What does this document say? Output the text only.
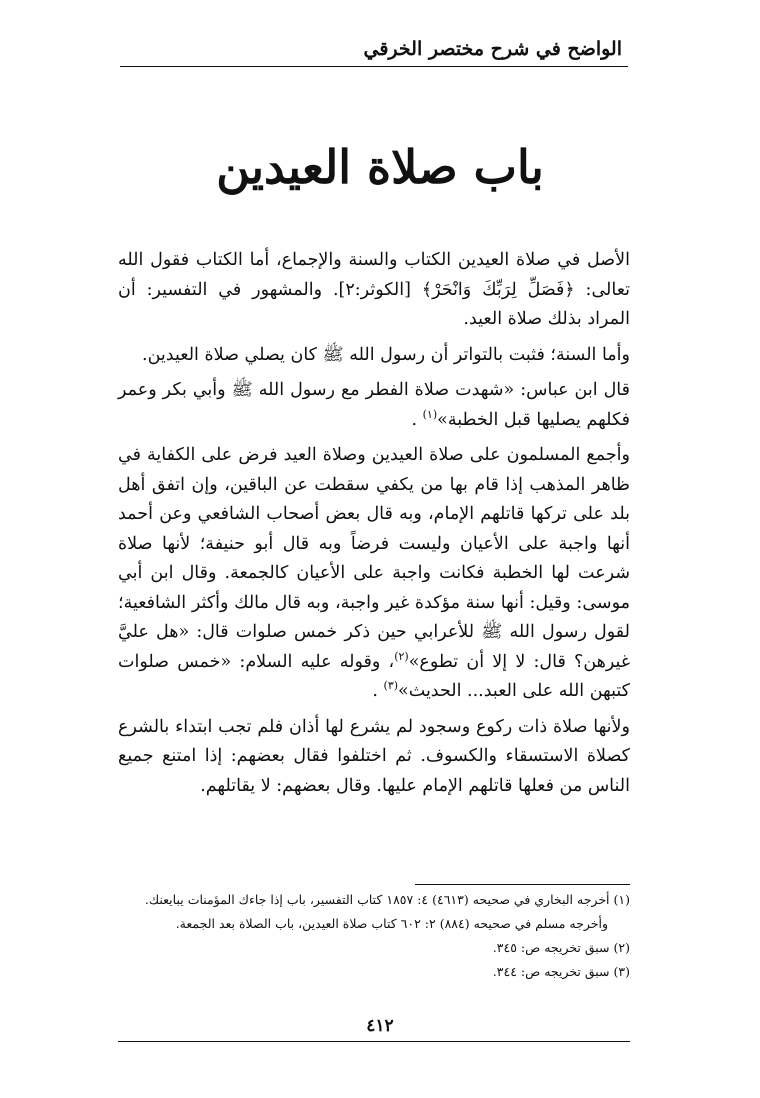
الواضح في شرح مختصر الخرقي
باب صلاة العيدين

الأصل في صلاة العيدين الكتاب والسنة والإجماع، أما الكتاب فقول الله تعالى: ﴿فَصَلِّ لِرَبِّكَ وَانْحَرْ﴾ [الكوثر:٢]. والمشهور في التفسير: أن المراد بذلك صلاة العيد.

وأما السنة؛ فثبت بالتواتر أن رسول الله ﷺ كان يصلي صلاة العيدين.

قال ابن عباس: «شهدت صلاة الفطر مع رسول الله ﷺ وأبي بكر وعمر فكلهم يصليها قبل الخطبة»$^{(١)}$ .

وأجمع المسلمون على صلاة العيدين وصلاة العيد فرض على الكفاية في ظاهر المذهب إذا قام بها من يكفي سقطت عن الباقين، وإن اتفق أهل بلد على تركها قاتلهم الإمام، وبه قال بعض أصحاب الشافعي وعن أحمد أنها واجبة على الأعيان وليست فرضاً وبه قال أبو حنيفة؛ لأنها صلاة شرعت لها الخطبة فكانت واجبة على الأعيان كالجمعة. وقال ابن أبي موسى: وقيل: أنها سنة مؤكدة غير واجبة، وبه قال مالك وأكثر الشافعية؛ لقول رسول الله ﷺ للأعرابي حين ذكر خمس صلوات قال: «هل عليَّ غيرهن؟ قال: لا إلا أن تطوع»$^{(٢)}$، وقوله عليه السلام: «خمس صلوات كتبهن الله على العبد... الحديث»$^{(٣)}$ .

ولأنها صلاة ذات ركوع وسجود لم يشرع لها أذان فلم تجب ابتداء بالشرع كصلاة الاستسقاء والكسوف. ثم اختلفوا فقال بعضهم: إذا امتنع جميع الناس من فعلها قاتلهم الإمام عليها. وقال بعضهم: لا يقاتلهم.

(١) أخرجه البخاري في صحيحه (٤٦١٣) ٤: ١٨٥٧ كتاب التفسير، باب إذا جاءك المؤمنات يبايعنك.
وأخرجه مسلم في صحيحه (٨٨٤) ٢: ٦٠٢ كتاب صلاة العيدين، باب الصلاة بعد الجمعة.
(٢) سبق تخريجه ص: ٣٤٥.
(٣) سبق تخريجه ص: ٣٤٤.
٤١٢
